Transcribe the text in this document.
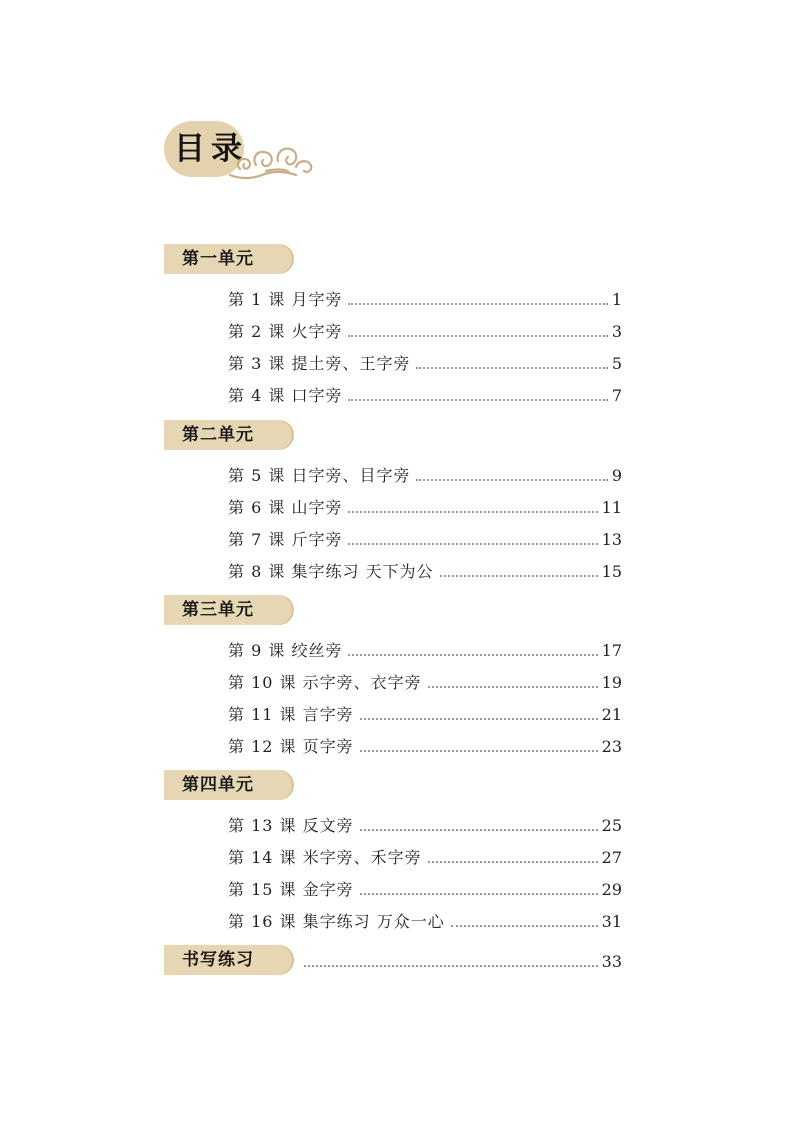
目录
第一单元
第 1 课 月字旁	1
第 2 课 火字旁	3
第 3 课 提土旁、王字旁	5
第 4 课 口字旁	7
第二单元
第 5 课 日字旁、目字旁	9
第 6 课 山字旁	11
第 7 课 斤字旁	13
第 8 课 集字练习 天下为公	15
第三单元
第 9 课 绞丝旁	17
第 10 课 示字旁、衣字旁	19
第 11 课 言字旁	21
第 12 课 页字旁	23
第四单元
第 13 课 反文旁	25
第 14 课 米字旁、禾字旁	27
第 15 课 金字旁	29
第 16 课 集字练习 万众一心	31
书写练习	33
